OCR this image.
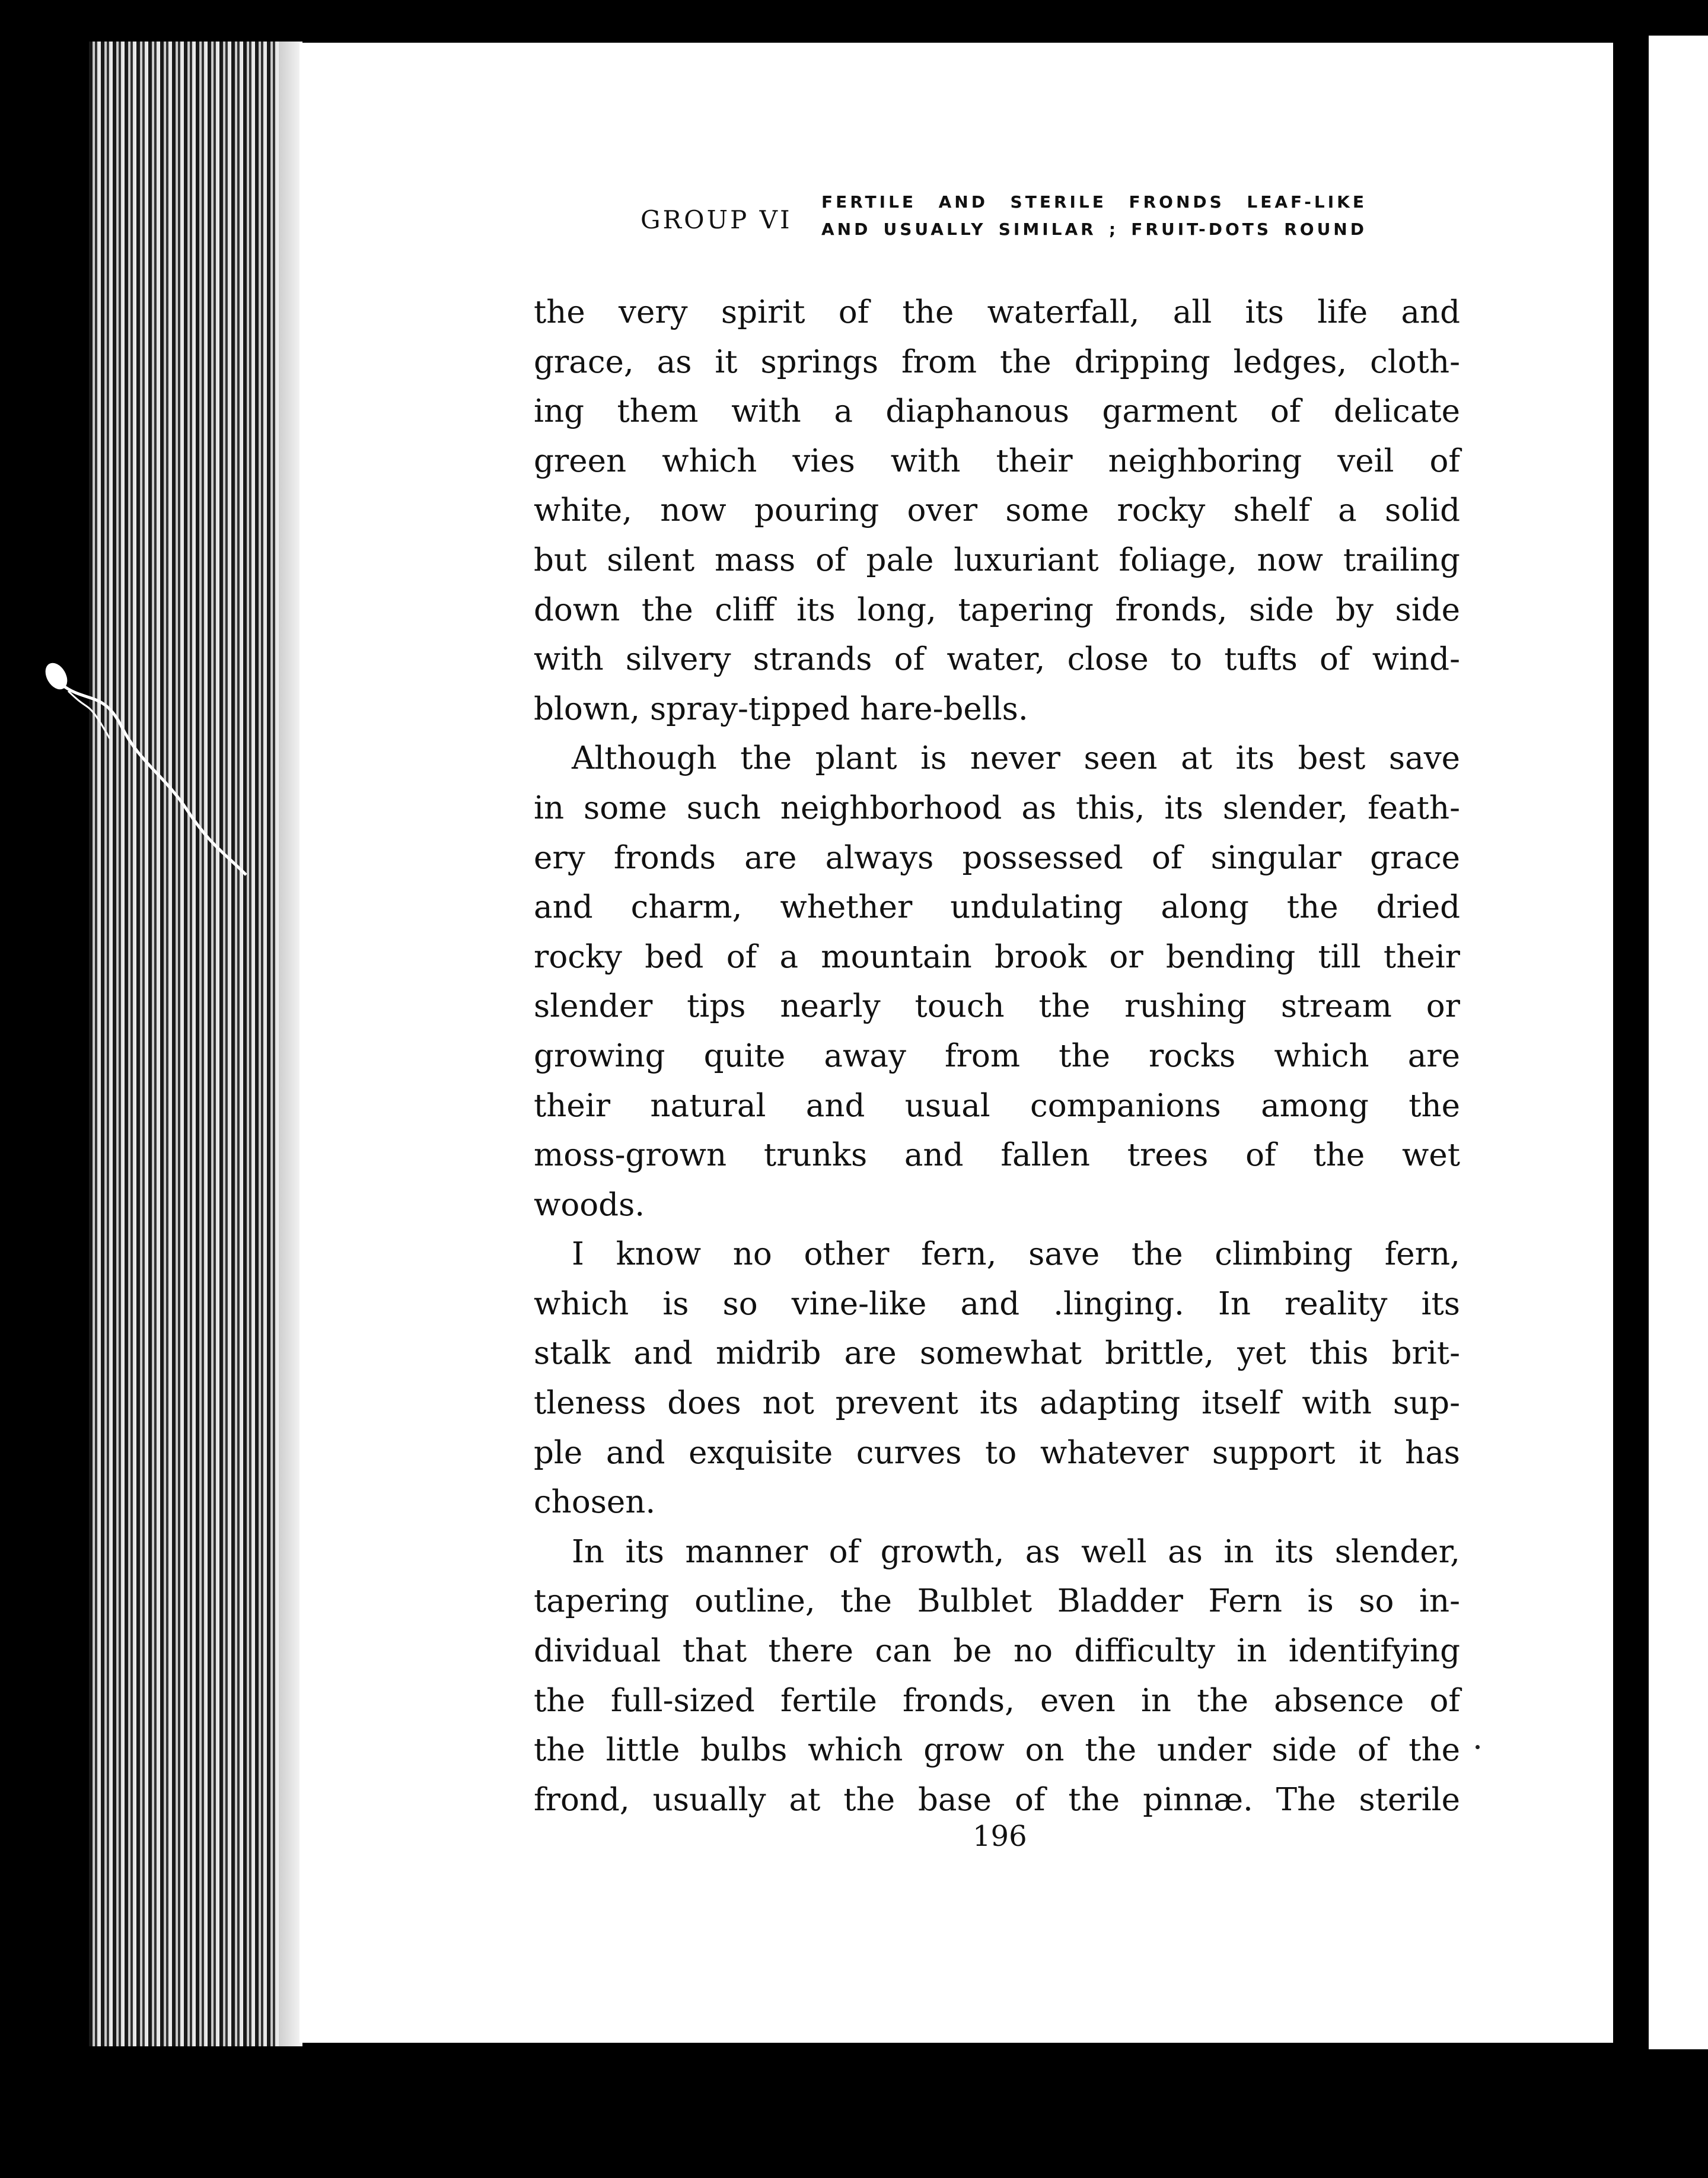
GROUP VI
FERTILE AND STERILE FRONDS LEAF-LIKE
AND USUALLY SIMILAR ; FRUIT-DOTS ROUND
the very spirit of the waterfall, all its life and
grace, as it springs from the dripping ledges, cloth-
ing them with a diaphanous garment of delicate
green which vies with their neighboring veil of
white, now pouring over some rocky shelf a solid
but silent mass of pale luxuriant foliage, now trailing
down the cliff its long, tapering fronds, side by side
with silvery strands of water, close to tufts of wind-
blown, spray-tipped hare-bells.
Although the plant is never seen at its best save
in some such neighborhood as this, its slender, feath-
ery fronds are always possessed of singular grace
and charm, whether undulating along the dried
rocky bed of a mountain brook or bending till their
slender tips nearly touch the rushing stream or
growing quite away from the rocks which are
their natural and usual companions among the
moss-grown trunks and fallen trees of the wet
woods.
I know no other fern, save the climbing fern,
which is so vine-like and .linging. In reality its
stalk and midrib are somewhat brittle, yet this brit-
tleness does not prevent its adapting itself with sup-
ple and exquisite curves to whatever support it has
chosen.
In its manner of growth, as well as in its slender,
tapering outline, the Bulblet Bladder Fern is so in-
dividual that there can be no difficulty in identifying
the full-sized fertile fronds, even in the absence of
the little bulbs which grow on the under side of the
frond, usually at the base of the pinnæ. The sterile
196
